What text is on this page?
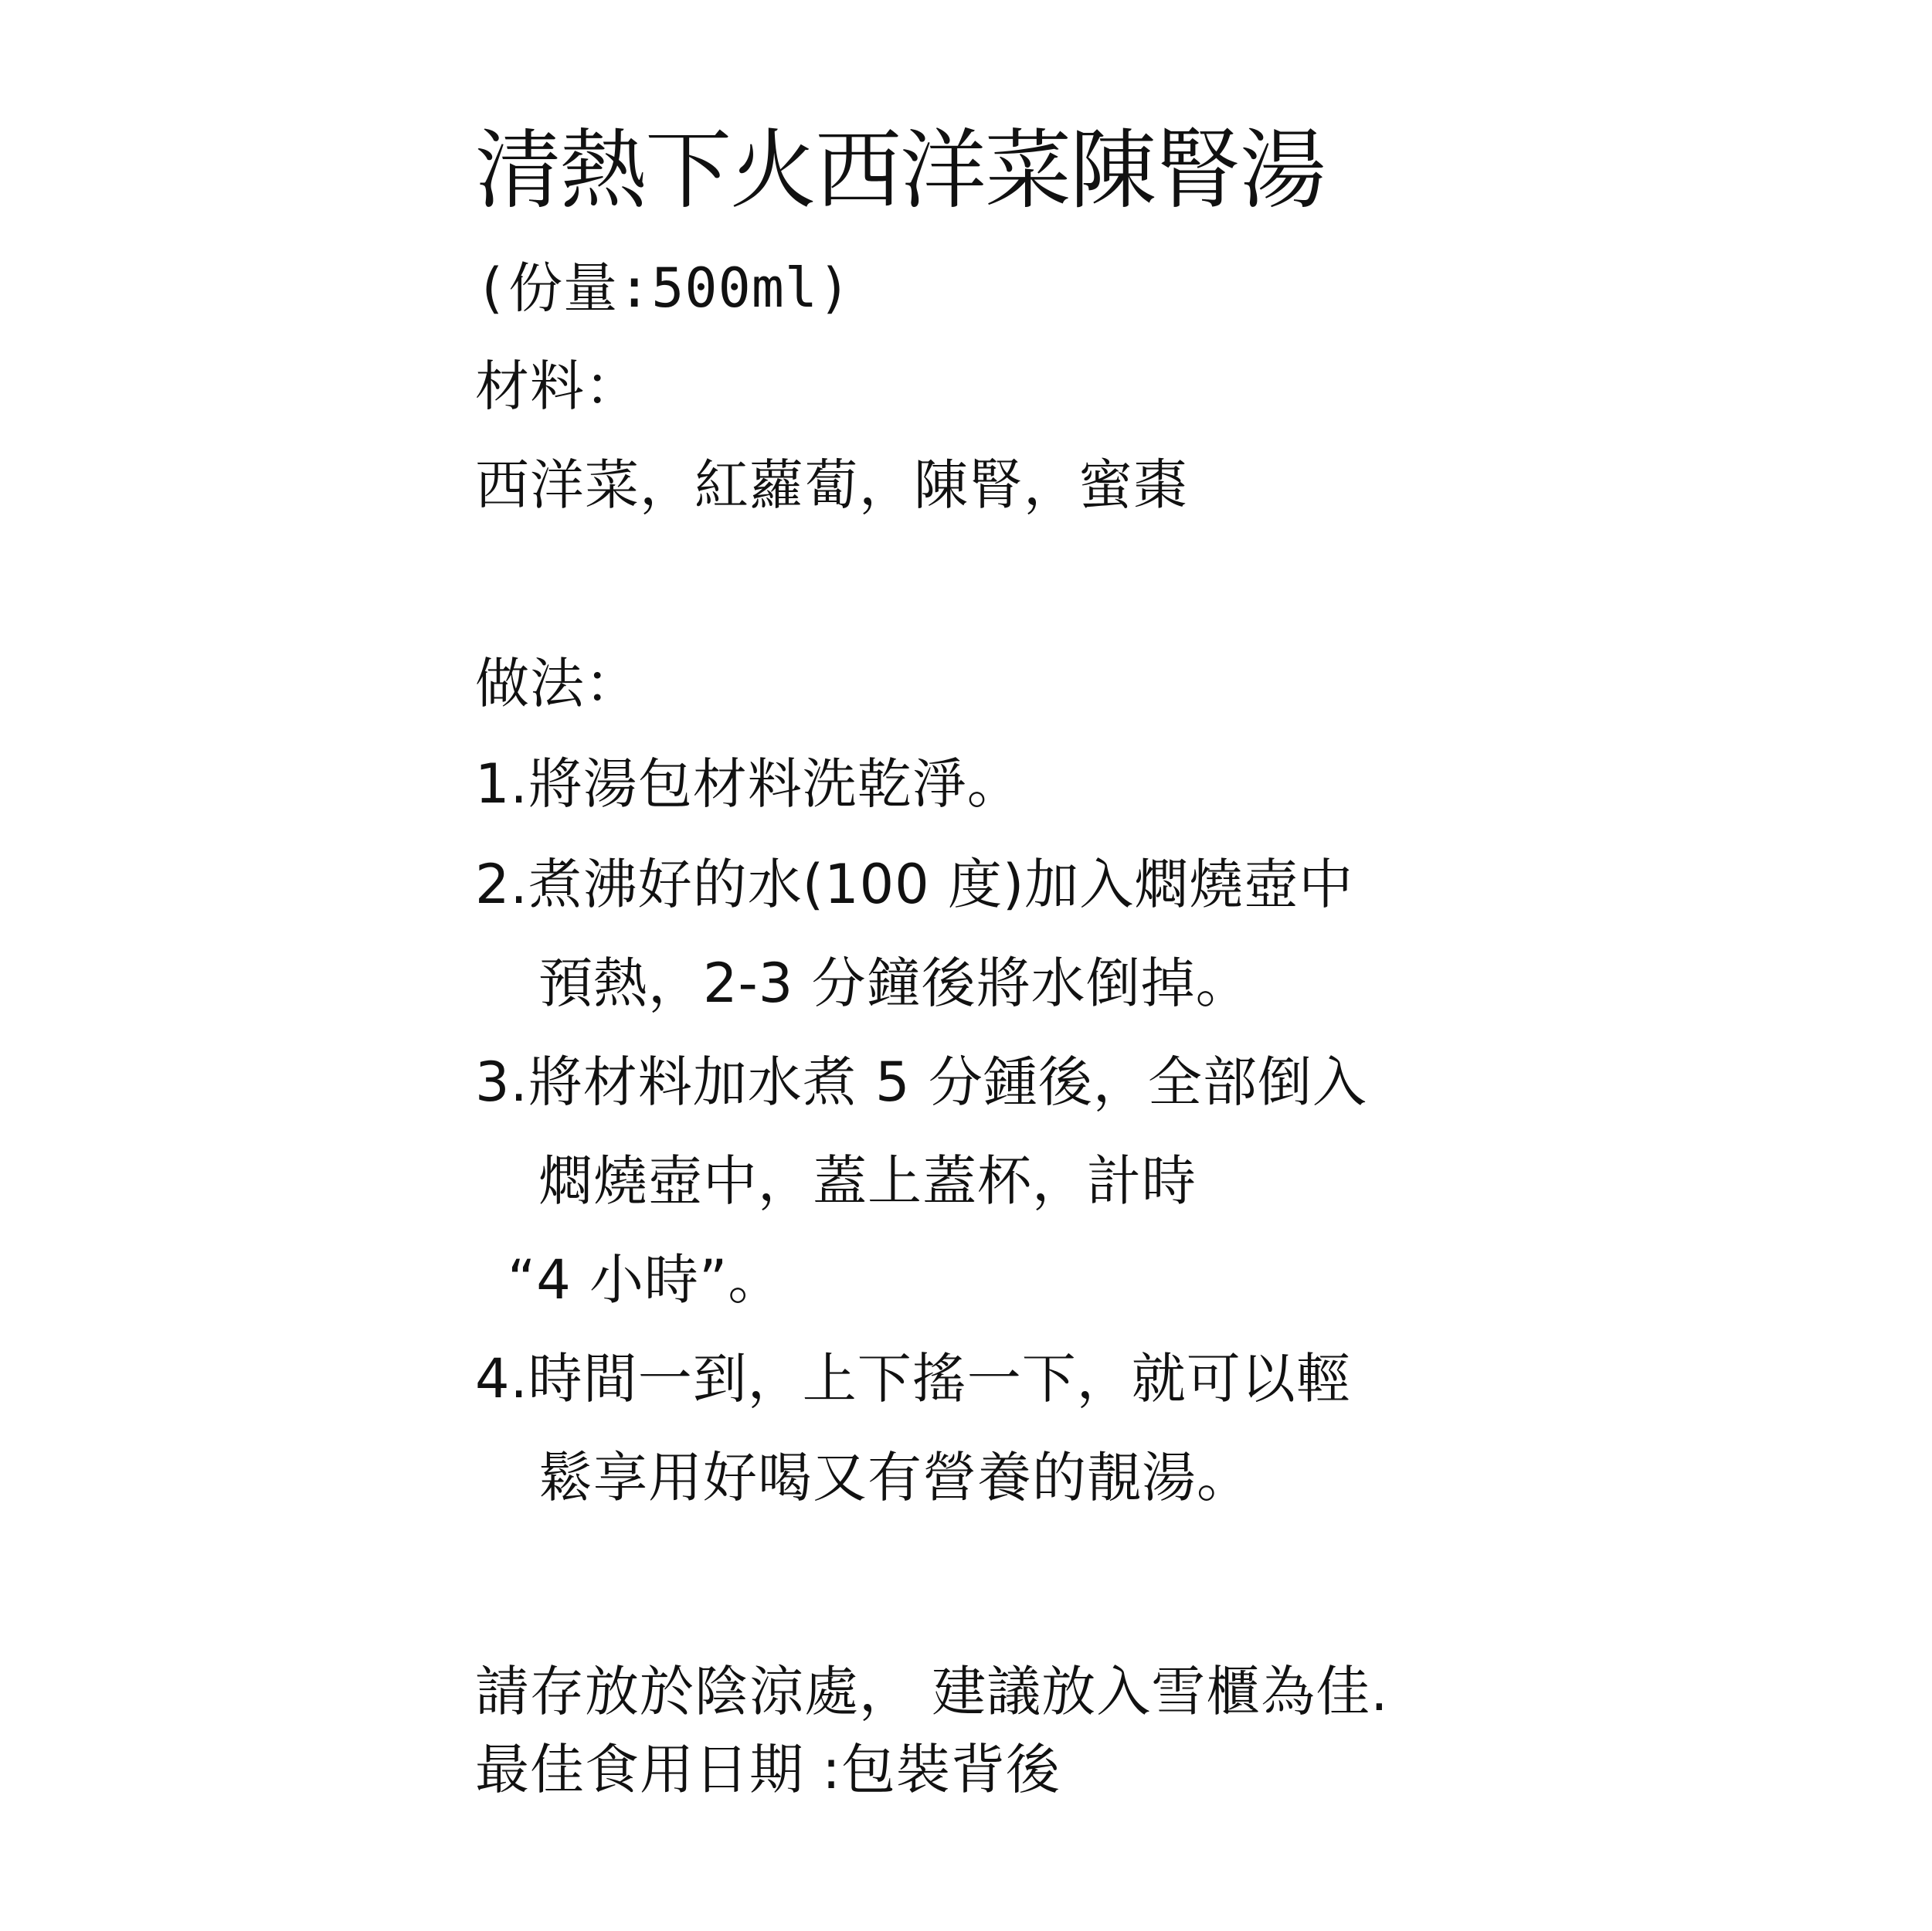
清熱下火西洋菜陳腎湯
(份量:500ml)
材料：
西洋菜，紅蘿蔔，陳腎，蜜棗
做法：
1.將湯包材料洗乾淨。
2.煮沸好的水(100 度)加入燜燒壺中
預熱，2-3 分鐘後將水倒掉。
3.將材料加水煮 5 分鍾後，全部倒入
燜燒壺中，蓋上蓋杯，計時
“4 小時”。
4.時間一到，上下搖一下，就可以輕
鬆享用好喝又有營養的靚湯。
請存放於陰涼處， 建議放入雪櫃為佳.
最佳食用日期 :包裝背後
